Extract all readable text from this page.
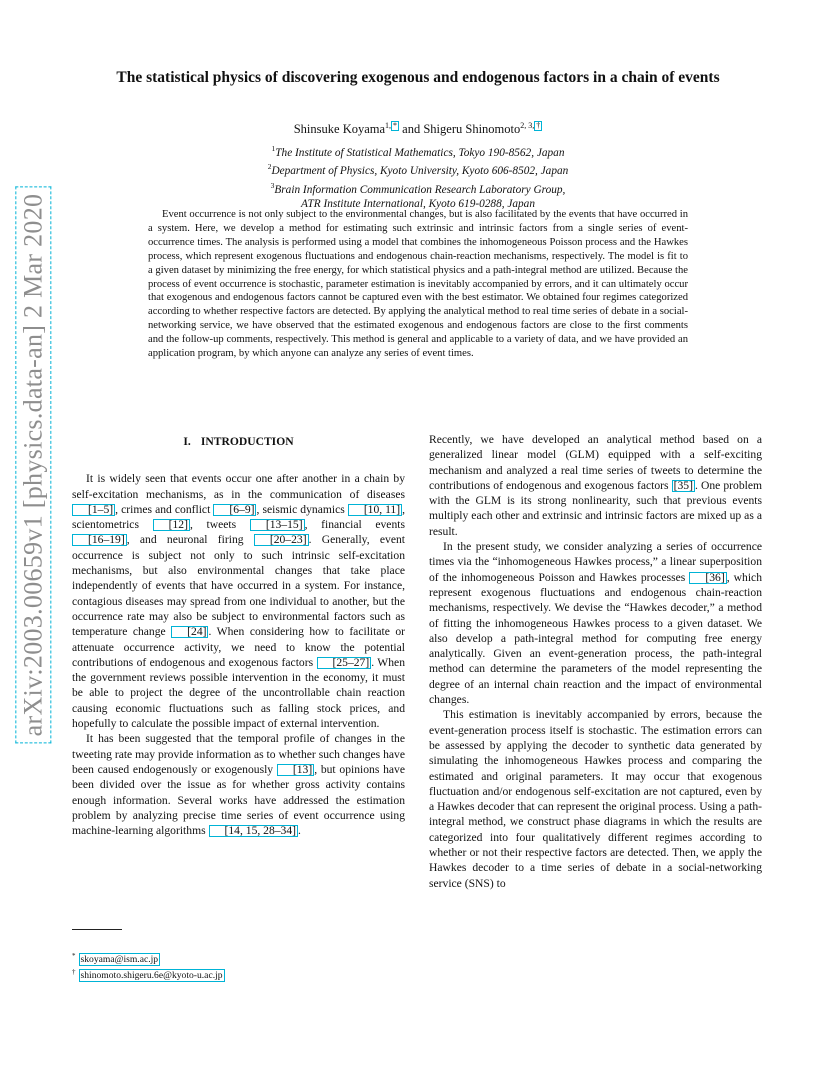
arXiv:2003.00659v1 [physics.data-an] 2 Mar 2020
The statistical physics of discovering exogenous and endogenous factors in a chain of events
Shinsuke Koyama$^{1,}$ * and Shigeru Shinomoto$^{2, 3,}$ †
$^1$The Institute of Statistical Mathematics, Tokyo 190-8562, Japan
$^2$Department of Physics, Kyoto University, Kyoto 606-8502, Japan
$^3$Brain Information Communication Research Laboratory Group,
ATR Institute International, Kyoto 619-0288, Japan
Event occurrence is not only subject to the environmental changes, but is also facilitated by the events that have occurred in a system. Here, we develop a method for estimating such extrinsic and intrinsic factors from a single series of event-occurrence times. The analysis is performed using a model that combines the inhomogeneous Poisson process and the Hawkes process, which represent exogenous fluctuations and endogenous chain-reaction mechanisms, respectively. The model is fit to a given dataset by minimizing the free energy, for which statistical physics and a path-integral method are utilized. Because the process of event occurrence is stochastic, parameter estimation is inevitably accompanied by errors, and it can ultimately occur that exogenous and endogenous factors cannot be captured even with the best estimator. We obtained four regimes categorized according to whether respective factors are detected. By applying the analytical method to real time series of debate in a social-networking service, we have observed that the estimated exogenous and endogenous factors are close to the first comments and the follow-up comments, respectively. This method is general and applicable to a variety of data, and we have provided an application program, by which anyone can analyze any series of event times.
I. INTRODUCTION

It is widely seen that events occur one after another in a chain by self-excitation mechanisms, as in the communication of diseases [1–5] , crimes and conflict [6–9] , seismic dynamics [10, 11] , scientometrics [12] , tweets [13–15] , financial events [16–19] , and neuronal firing [20–23] . Generally, event occurrence is subject not only to such intrinsic self-excitation mechanisms, but also environmental changes that take place independently of events that have occurred in a system. For instance, contagious diseases may spread from one individual to another, but the occurrence rate may also be subject to environmental factors such as temperature change [24] . When considering how to facilitate or attenuate occurrence activity, we need to know the potential contributions of endogenous and exogenous factors [25–27] . When the government reviews possible intervention in the economy, it must be able to project the degree of the uncontrollable chain reaction causing economic fluctuations such as falling stock prices, and hopefully to calculate the possible impact of external intervention.

It has been suggested that the temporal profile of changes in the tweeting rate may provide information as to whether such changes have been caused endogenously or exogenously [13] , but opinions have been divided over the issue as for whether gross activity contains enough information. Several works have addressed the estimation problem by analyzing precise time series of event occurrence using machine-learning algorithms [14, 15, 28–34] .

Recently, we have developed an analytical method based on a generalized linear model (GLM) equipped with a self-exciting mechanism and analyzed a real time series of tweets to determine the contributions of endogenous and exogenous factors [35] . One problem with the GLM is its strong nonlinearity, such that previous events multiply each other and extrinsic and intrinsic factors are mixed up as a result.

In the present study, we consider analyzing a series of occurrence times via the “inhomogeneous Hawkes process,” a linear superposition of the inhomogeneous Poisson and Hawkes processes [36] , which represent exogenous fluctuations and endogenous chain-reaction mechanisms, respectively. We devise the “Hawkes decoder,” a method of fitting the inhomogeneous Hawkes process to a given dataset. We also develop a path-integral method for computing free energy analytically. Given an event-generation process, the path-integral method can determine the parameters of the model representing the degree of an internal chain reaction and the impact of environmental changes.

This estimation is inevitably accompanied by errors, because the event-generation process itself is stochastic. The estimation errors can be assessed by applying the decoder to synthetic data generated by simulating the inhomogeneous Hawkes process and comparing the estimated and original parameters. It may occur that exogenous fluctuation and/or endogenous self-excitation are not captured, even by a Hawkes decoder that can represent the original process. Using a path-integral method, we construct phase diagrams in which the results are categorized into four qualitatively different regimes according to whether or not their respective factors are detected. Then, we apply the Hawkes decoder to a time series of debate in a social-networking service (SNS) to

* skoyama@ism.ac.jp
† shinomoto.shigeru.6e@kyoto-u.ac.jp
